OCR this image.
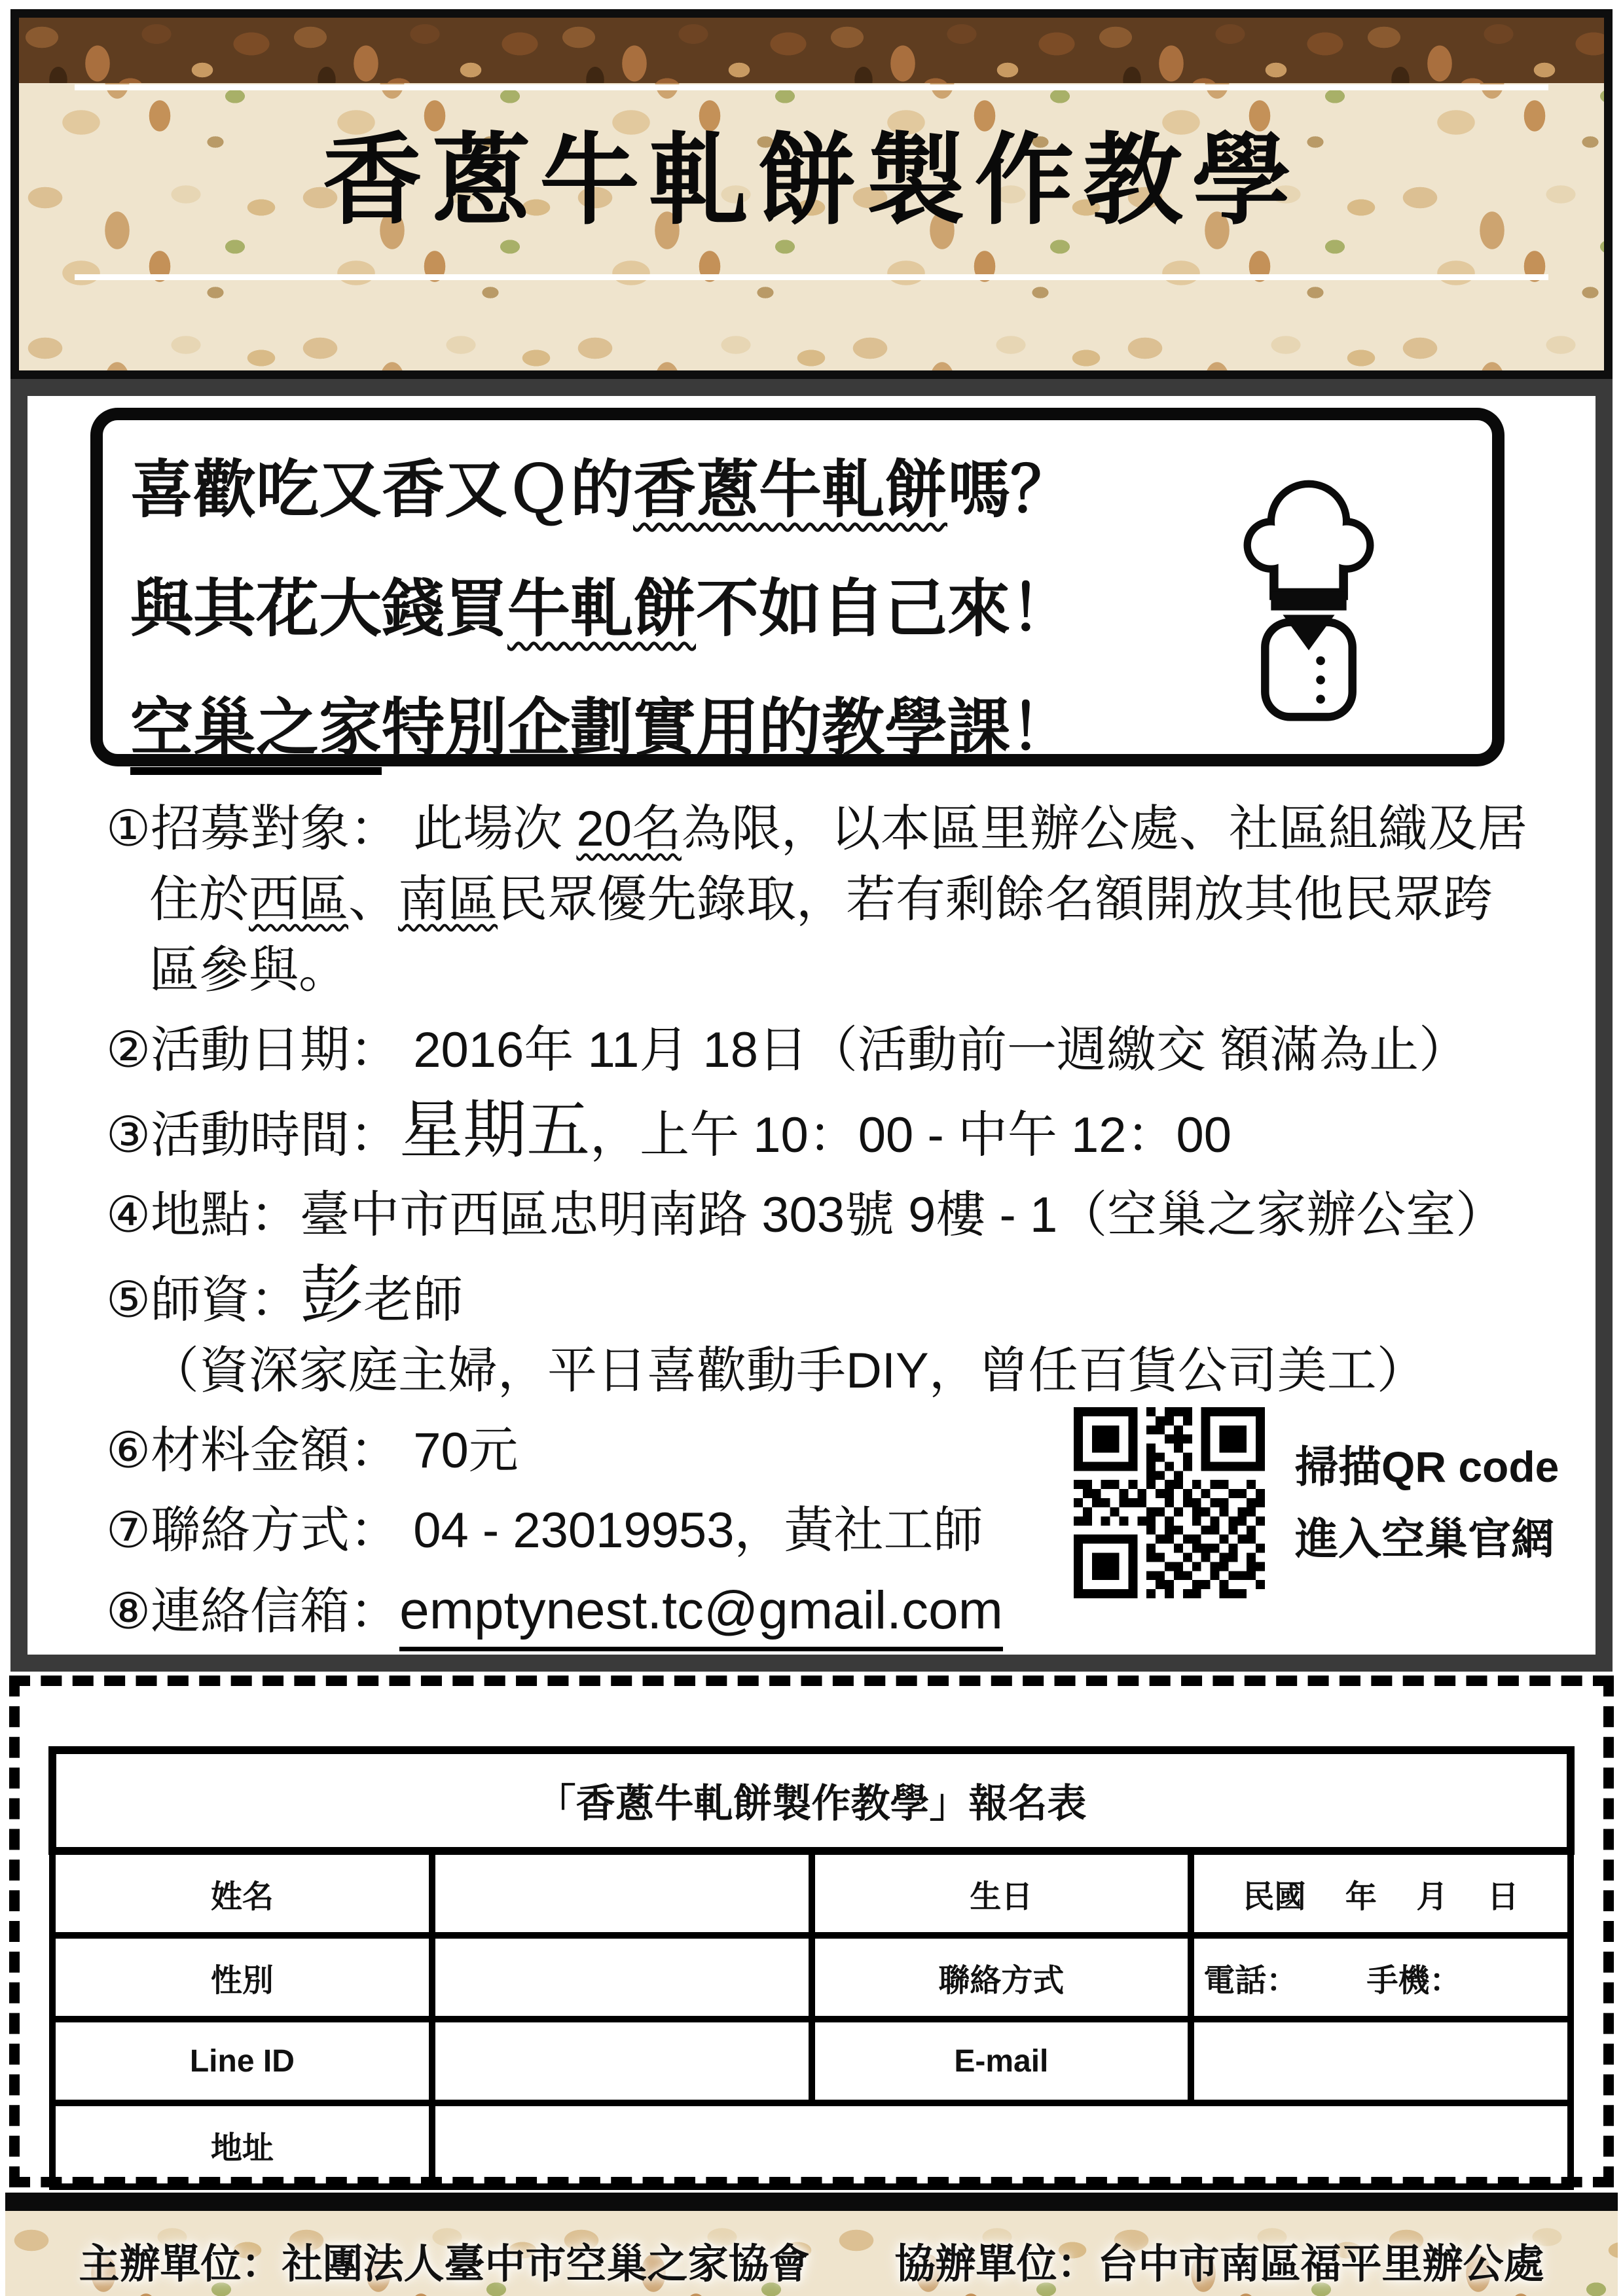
香蔥牛軋餅製作教學

喜歡吃又香又Ｑ的香蔥牛軋餅嗎？

與其花大錢買牛軋餅不如自己來！

空巢之家特別企劃實用的教學課！

①招募對象： 此場次 20名為限，以本區里辦公處、社區組織及居
住於西區、南區民眾優先錄取，若有剩餘名額開放其他民眾跨
區參與。
②活動日期： 2016年 11月 18日（活動前一週繳交 額滿為止）
③活動時間：星期五，上午 10：00 - 中午 12：00
④地點：臺中市西區忠明南路 303號 9樓 - 1（空巢之家辦公室）
⑤師資：彭老師
（資深家庭主婦，平日喜歡動手DIY，曾任百貨公司美工）
⑥材料金額： 70元
⑦聯絡方式： 04 - 23019953，黃社工師
⑧連絡信箱：emptynest.tc@gmail.com
掃描QR code
進入空巢官網
「香蔥牛軋餅製作教學」報名表			
姓名		生日	民國 年 月 日

性別		聯絡方式	電話： 手機：

Line ID		E-mail	
地址			
主辦單位：社團法人臺中市空巢之家協會 協辦單位：台中市南區福平里辦公處
